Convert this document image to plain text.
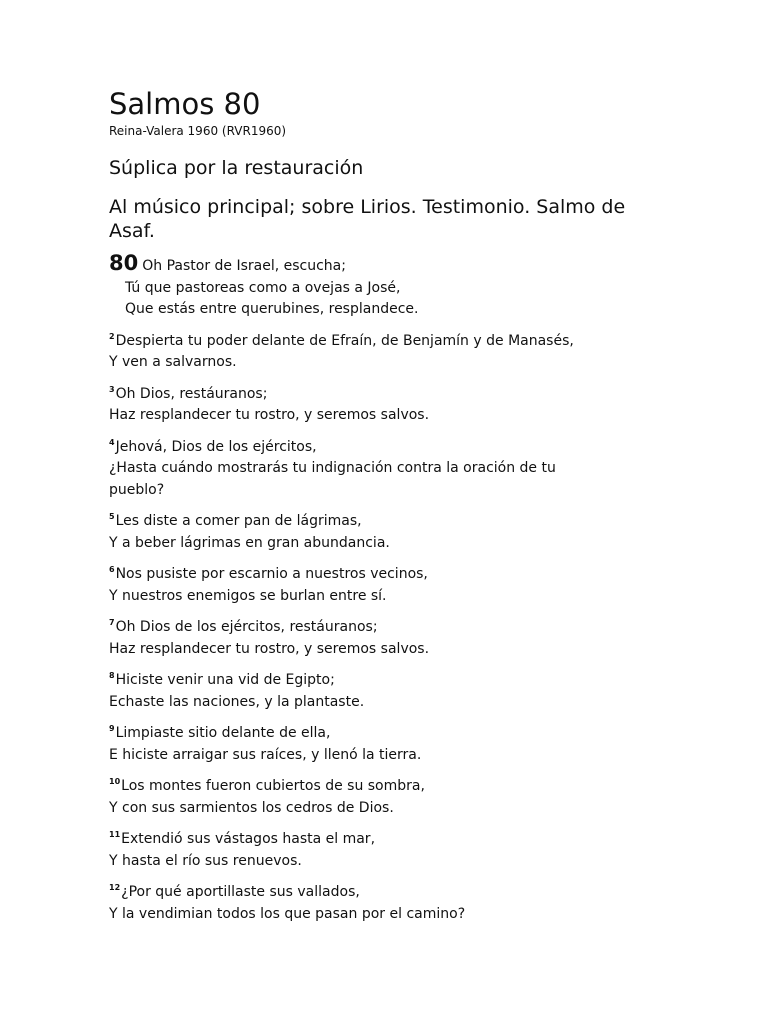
Salmos 80
Reina-Valera 1960 (RVR1960)
Súplica por la restauración
Al músico principal; sobre Lirios. Testimonio. Salmo de Asaf.
80 Oh Pastor de Israel, escucha;
Tú que pastoreas como a ovejas a José,
Que estás entre querubines, resplandece.
$^2$Despierta tu poder delante de Efraín, de Benjamín y de Manasés,
Y ven a salvarnos.
$^3$Oh Dios, restáuranos;
Haz resplandecer tu rostro, y seremos salvos.
$^4$Jehová, Dios de los ejércitos,
¿Hasta cuándo mostrarás tu indignación contra la oración de tu
pueblo?
$^5$Les diste a comer pan de lágrimas,
Y a beber lágrimas en gran abundancia.
$^6$Nos pusiste por escarnio a nuestros vecinos,
Y nuestros enemigos se burlan entre sí.
$^7$Oh Dios de los ejércitos, restáuranos;
Haz resplandecer tu rostro, y seremos salvos.
$^8$Hiciste venir una vid de Egipto;
Echaste las naciones, y la plantaste.
$^9$Limpiaste sitio delante de ella,
E hiciste arraigar sus raíces, y llenó la tierra.
$^{10}$Los montes fueron cubiertos de su sombra,
Y con sus sarmientos los cedros de Dios.
$^{11}$Extendió sus vástagos hasta el mar,
Y hasta el río sus renuevos.
$^{12}$¿Por qué aportillaste sus vallados,
Y la vendimian todos los que pasan por el camino?
